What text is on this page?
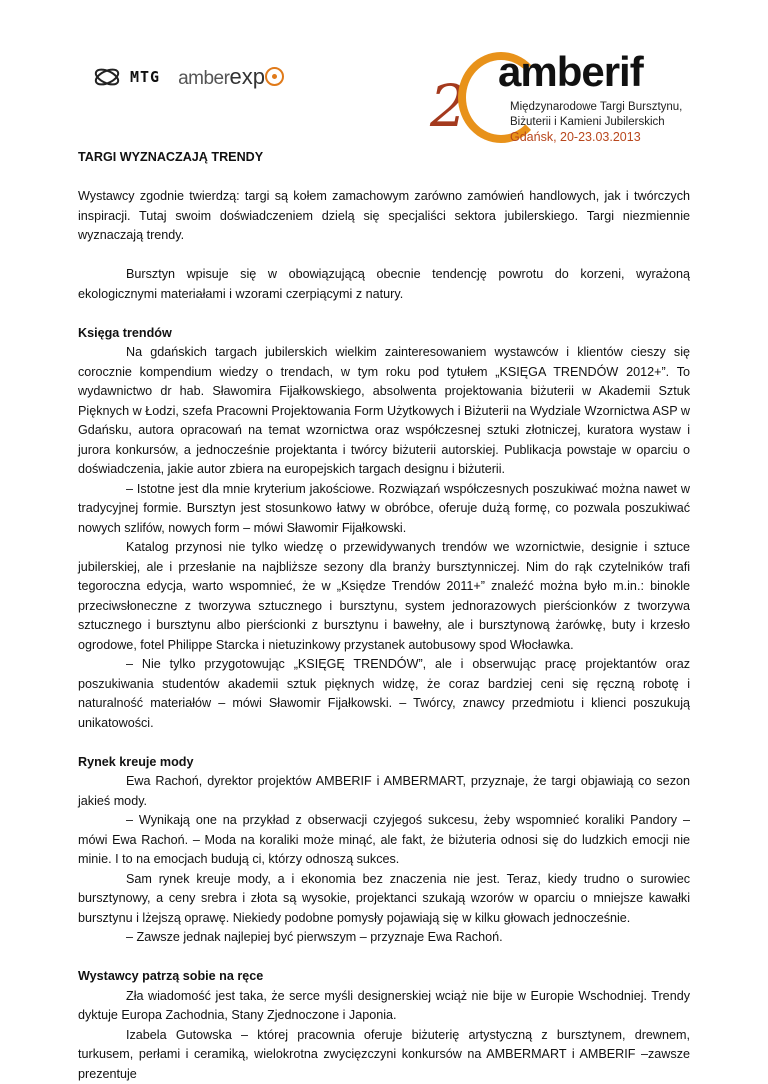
MTG amberexp	2
amberif
Międzynarodowe Targi Bursztynu,
Biżuterii i Kamieni Jubilerskich
Gdańsk, 20-23.03.2013
TARGI WYZNACZAJĄ TRENDY

Wystawcy zgodnie twierdzą: targi są kołem zamachowym zarówno zamówień handlowych, jak i twórczych inspiracji. Tutaj swoim doświadczeniem dzielą się specjaliści sektora jubilerskiego. Targi niezmiennie wyznaczają trendy.

Bursztyn wpisuje się w obowiązującą obecnie tendencję powrotu do korzeni, wyrażoną ekologicznymi materiałami i wzorami czerpiącymi z natury.

Księga trendów

Na gdańskich targach jubilerskich wielkim zainteresowaniem wystawców i klientów cieszy się corocznie kompendium wiedzy o trendach, w tym roku pod tytułem „KSIĘGA TRENDÓW 2012+”. To wydawnictwo dr hab. Sławomira Fijałkowskiego, absolwenta projektowania biżuterii w Akademii Sztuk Pięknych w Łodzi, szefa Pracowni Projektowania Form Użytkowych i Biżuterii na Wydziale Wzornictwa ASP w Gdańsku, autora opracowań na temat wzornictwa oraz współczesnej sztuki złotniczej, kuratora wystaw i jurora konkursów, a jednocześnie projektanta i twórcy biżuterii autorskiej. Publikacja powstaje w oparciu o doświadczenia, jakie autor zbiera na europejskich targach designu i biżuterii.

– Istotne jest dla mnie kryterium jakościowe. Rozwiązań współczesnych poszukiwać można nawet w tradycyjnej formie. Bursztyn jest stosunkowo łatwy w obróbce, oferuje dużą formę, co pozwala poszukiwać nowych szlifów, nowych form – mówi Sławomir Fijałkowski.

Katalog przynosi nie tylko wiedzę o przewidywanych trendów we wzornictwie, designie i sztuce jubilerskiej, ale i przesłanie na najbliższe sezony dla branży bursztynniczej. Nim do rąk czytelników trafi tegoroczna edycja, warto wspomnieć, że w „Księdze Trendów 2011+” znaleźć można było m.in.: binokle przeciwsłoneczne z tworzywa sztucznego i bursztynu, system jednorazowych pierścionków z tworzywa sztucznego i bursztynu albo pierścionki z bursztynu i bawełny, ale i bursztynową żarówkę, buty i krzesło ogrodowe, fotel Philippe Starcka i nietuzinkowy przystanek autobusowy spod Włocławka.

– Nie tylko przygotowując „KSIĘGĘ TRENDÓW”, ale i obserwując pracę projektantów oraz poszukiwania studentów akademii sztuk pięknych widzę, że coraz bardziej ceni się ręczną robotę i naturalność materiałów – mówi Sławomir Fijałkowski. – Twórcy, znawcy przedmiotu i klienci poszukują unikatowości.

Rynek kreuje mody

Ewa Rachoń, dyrektor projektów AMBERIF i AMBERMART, przyznaje, że targi objawiają co sezon jakieś mody.

– Wynikają one na przykład z obserwacji czyjegoś sukcesu, żeby wspomnieć koraliki Pandory – mówi Ewa Rachoń. – Moda na koraliki może minąć, ale fakt, że biżuteria odnosi się do ludzkich emocji nie minie. I to na emocjach budują ci, którzy odnoszą sukces.

Sam rynek kreuje mody, a i ekonomia bez znaczenia nie jest. Teraz, kiedy trudno o surowiec bursztynowy, a ceny srebra i złota są wysokie, projektanci szukają wzorów w oparciu o mniejsze kawałki bursztynu i lżejszą oprawę. Niekiedy podobne pomysły pojawiają się w kilku głowach jednocześnie.

– Zawsze jednak najlepiej być pierwszym – przyznaje Ewa Rachoń.

Wystawcy patrzą sobie na ręce

Zła wiadomość jest taka, że serce myśli designerskiej wciąż nie bije w Europie Wschodniej. Trendy dyktuje Europa Zachodnia, Stany Zjednoczone i Japonia.

Izabela Gutowska – której pracownia oferuje biżuterię artystyczną z bursztynem, drewnem, turkusem, perłami i ceramiką, wielokrotna zwycięzczyni konkursów na AMBERMART i AMBERIF –zawsze prezentuje
